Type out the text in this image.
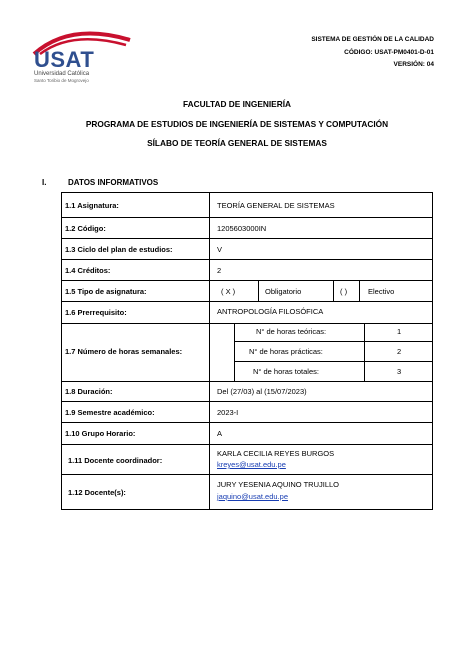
USAT
Universidad Católica
Santo Toribio de Mogrovejo
SISTEMA DE GESTIÓN DE LA CALIDAD
CÓDIGO: USAT-PM0401-D-01
VERSIÓN: 04
FACULTAD DE INGENIERÍA
PROGRAMA DE ESTUDIOS DE INGENIERÍA DE SISTEMAS Y COMPUTACIÓN
SÍLABO DE TEORÍA GENERAL DE SISTEMAS
I.	DATOS INFORMATIVOS
1.1 Asignatura:	TEORÍA GENERAL DE SISTEMAS
1.2 Código:	1205603000IN
1.3 Ciclo del plan de estudios:	V
1.4 Créditos:	2
1.5 Tipo de asignatura:	( X )	Obligatorio	( )	Electivo
1.6 Prerrequisito:	ANTROPOLOGÍA FILOSÓFICA
1.7 Número de horas semanales:
N° de horas teóricas:	1
N° de horas prácticas:	2
N° de horas totales:	3
1.8 Duración:	Del (27/03) al (15/07/2023)
1.9 Semestre académico:	2023-I
1.10 Grupo Horario:	A
1.11 Docente coordinador:
KARLA CECILIA REYES BURGOS
kreyes@usat.edu.pe
1.12 Docente(s):
JURY YESENIA AQUINO TRUJILLO
jaquino@usat.edu.pe
